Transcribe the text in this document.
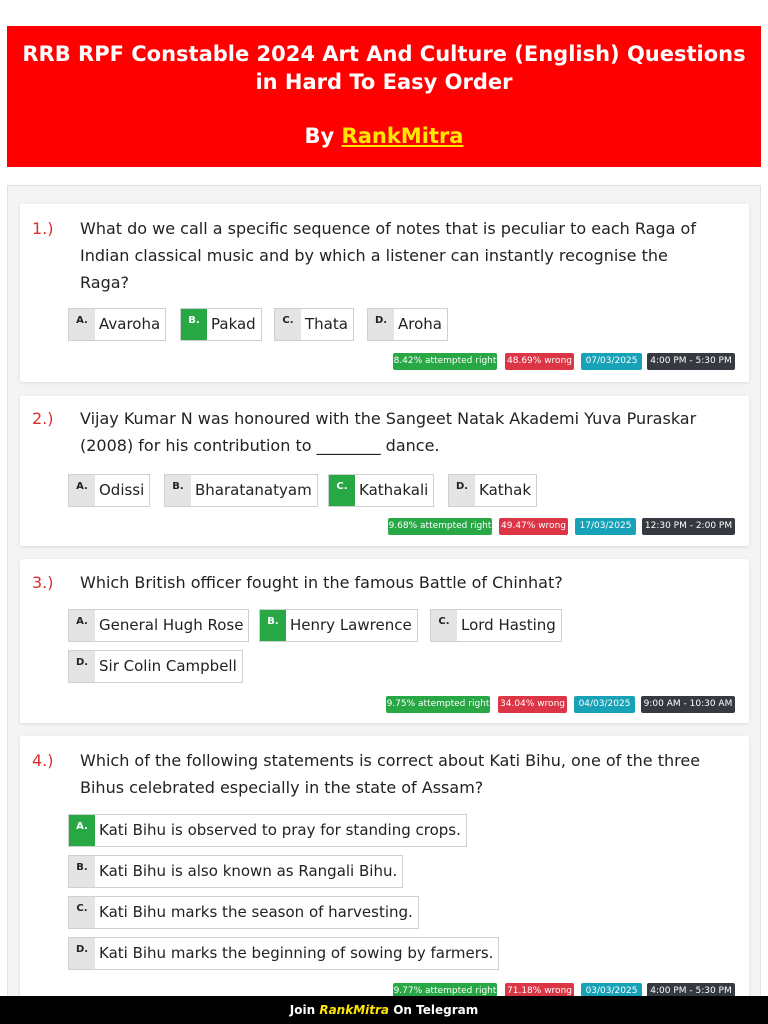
RRB RPF Constable 2024 Art And Culture (English) Questions
in Hard To Easy Order
By RankMitra
1.) What do we call a specific sequence of notes that is peculiar to each Raga of
Indian classical music and by which a listener can instantly recognise the
Raga?
A. Avaroha	B. Pakad	C. Thata	D. Aroha
8.42% attempted right 48.69% wrong	07/03/2025	4:00 PM - 5:30 PM
2.) Vijay Kumar N was honoured with the Sangeet Natak Akademi Yuva Puraskar
(2008) for his contribution to ________ dance.
A. Odissi	B. Bharatanatyam	C. Kathakali	D. Kathak
9.68% attempted right 49.47% wrong	17/03/2025	12:30 PM - 2:00 PM
3.) Which British officer fought in the famous Battle of Chinhat?
A. General Hugh Rose	B. Henry Lawrence	C. Lord Hasting
D. Sir Colin Campbell
9.75% attempted right 34.04% wrong	04/03/2025	9:00 AM - 10:30 AM
4.) Which of the following statements is correct about Kati Bihu, one of the three
Bihus celebrated especially in the state of Assam?
A. Kati Bihu is observed to pray for standing crops.
B. Kati Bihu is also known as Rangali Bihu.
C. Kati Bihu marks the season of harvesting.
D. Kati Bihu marks the beginning of sowing by farmers.
9.77% attempted right 71.18% wrong	03/03/2025	4:00 PM - 5:30 PM
Join RankMitra On Telegram
